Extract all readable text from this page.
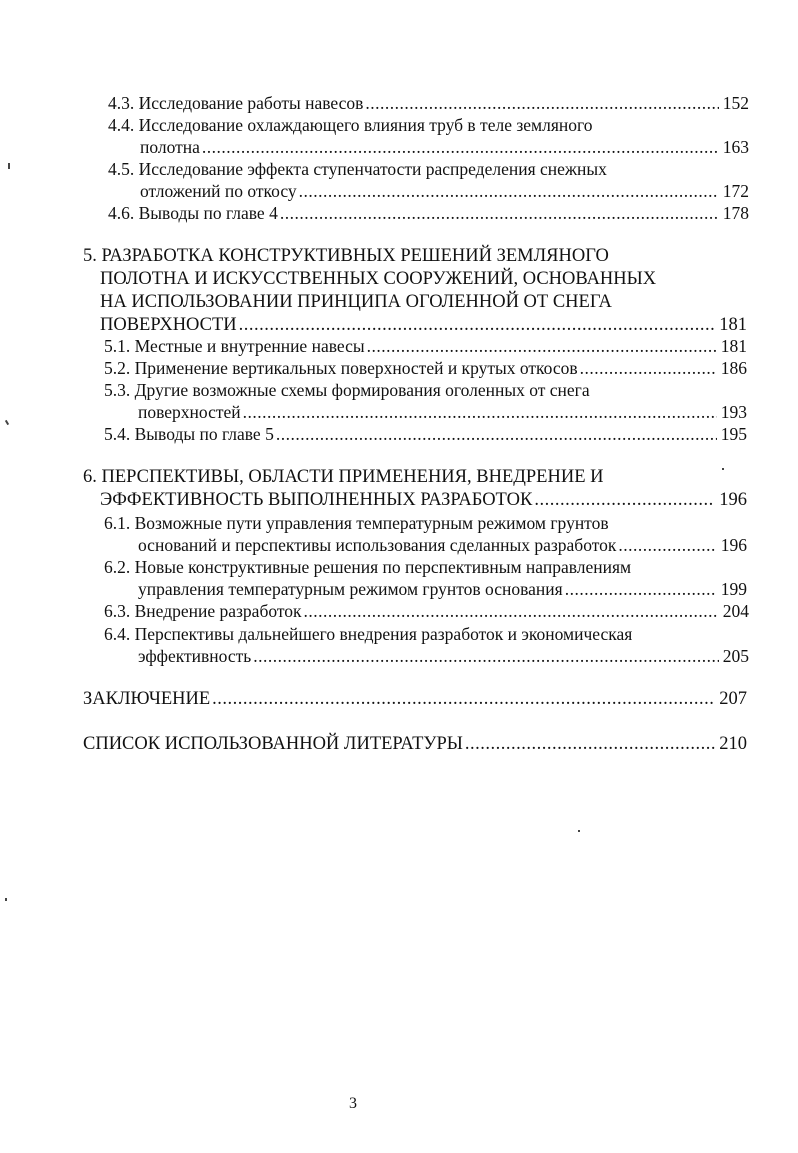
4.3. Исследование работы навесов .....	152
4.4. Исследование охлаждающего влияния труб в теле земляного
полотна .....	163
4.5. Исследование эффекта ступенчатости распределения снежных
отложений по откосу .....	172
4.6. Выводы по главе 4 .....	178
5. РАЗРАБОТКА КОНСТРУКТИВНЫХ РЕШЕНИЙ ЗЕМЛЯНОГО
ПОЛОТНА И ИСКУССТВЕННЫХ СООРУЖЕНИЙ, ОСНОВАННЫХ
НА ИСПОЛЬЗОВАНИИ ПРИНЦИПА ОГОЛЕННОЙ ОТ СНЕГА
ПОВЕРХНОСТИ .....	181
5.1. Местные и внутренние навесы .....	181
5.2. Применение вертикальных поверхностей и крутых откосов .....	186
5.3. Другие возможные схемы формирования оголенных от снега
поверхностей .....	193
5.4. Выводы по главе 5 .....	195
6. ПЕРСПЕКТИВЫ, ОБЛАСТИ ПРИМЕНЕНИЯ, ВНЕДРЕНИЕ И
ЭФФЕКТИВНОСТЬ ВЫПОЛНЕННЫХ РАЗРАБОТОК .....	196
6.1. Возможные пути управления температурным режимом грунтов
оснований и перспективы использования сделанных разработок .....	196
6.2. Новые конструктивные решения по перспективным направлениям
управления температурным режимом грунтов основания .....	199
6.3. Внедрение разработок .....	204
6.4. Перспективы дальнейшего внедрения разработок и экономическая
эффективность .....	205
ЗАКЛЮЧЕНИЕ .....	207
СПИСОК ИСПОЛЬЗОВАННОЙ ЛИТЕРАТУРЫ .....	210
3
